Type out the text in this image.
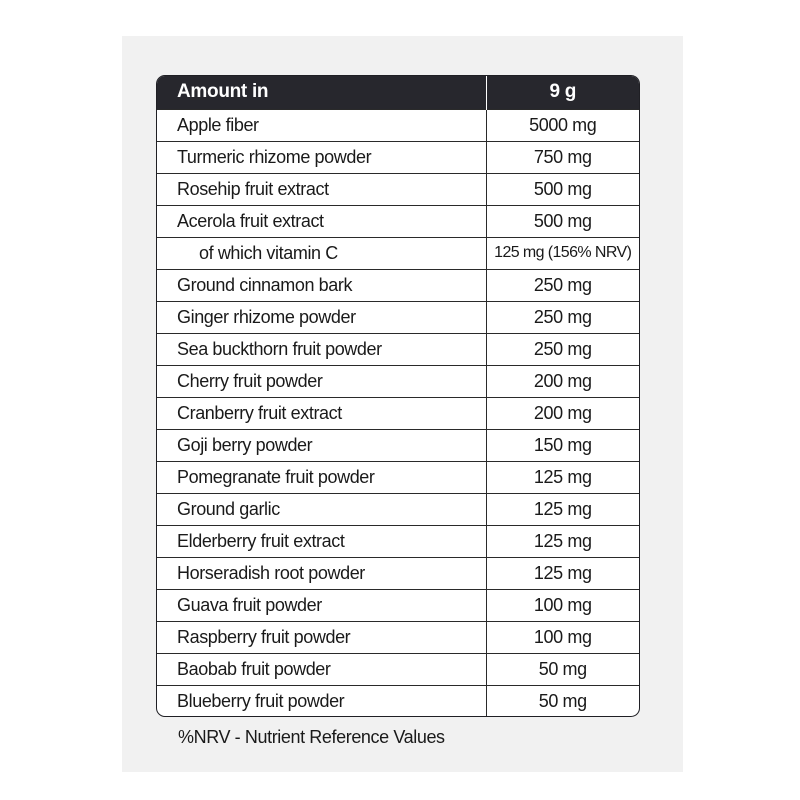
Amount in	9 g
Apple fiber	5000 mg
Turmeric rhizome powder	750 mg
Rosehip fruit extract	500 mg
Acerola fruit extract	500 mg
of which vitamin C	125 mg (156% NRV)
Ground cinnamon bark	250 mg
Ginger rhizome powder	250 mg
Sea buckthorn fruit powder	250 mg
Cherry fruit powder	200 mg
Cranberry fruit extract	200 mg
Goji berry powder	150 mg
Pomegranate fruit powder	125 mg
Ground garlic	125 mg
Elderberry fruit extract	125 mg
Horseradish root powder	125 mg
Guava fruit powder	100 mg
Raspberry fruit powder	100 mg
Baobab fruit powder	50 mg
Blueberry fruit powder	50 mg
%NRV - Nutrient Reference Values
